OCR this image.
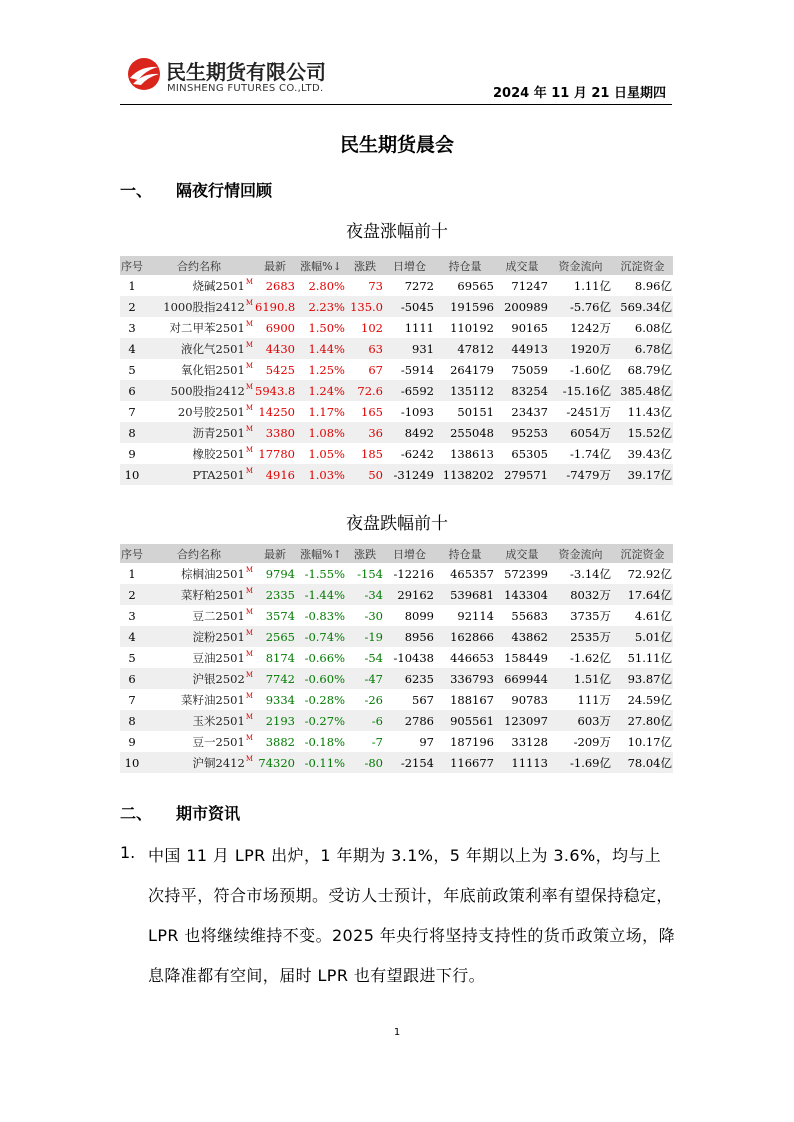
民生期货有限公司
MINSHENG FUTURES CO.,LTD.	2024 年 11 月 21 日星期四
民生期货晨会
一、 隔夜行情回顾
夜盘涨幅前十
序号	合约名称	最新	涨幅%↓	涨跌	日增仓	持仓量	成交量	资金流向	沉淀资金
1	烧碱$2501^M$	2683	2.80%	73	7272	69565	71247	1.11亿	8.96亿
2	1000股指$2412^M$	6190.8	2.23%	135.0	-5045	191596	200989	-5.76亿	569.34亿
3	对二甲苯$2501^M$	6900	1.50%	102	1111	110192	90165	1242万	6.08亿
4	液化气$2501^M$	4430	1.44%	63	931	47812	44913	1920万	6.78亿
5	氧化铝$2501^M$	5425	1.25%	67	-5914	264179	75059	-1.60亿	68.79亿
6	500股指$2412^M$	5943.8	1.24%	72.6	-6592	135112	83254	-15.16亿	385.48亿
7	20号胶$2501^M$	14250	1.17%	165	-1093	50151	23437	-2451万	11.43亿
8	沥青$2501^M$	3380	1.08%	36	8492	255048	95253	6054万	15.52亿
9	橡胶$2501^M$	17780	1.05%	185	-6242	138613	65305	-1.74亿	39.43亿
10	$PTA2501^M$	4916	1.03%	50	-31249	1138202	279571	-7479万	39.17亿
夜盘跌幅前十
序号	合约名称	最新	涨幅%↑	涨跌	日增仓	持仓量	成交量	资金流向	沉淀资金
1	棕榈油$2501^M$	9794	-1.55%	-154	-12216	465357	572399	-3.14亿	72.92亿
2	菜籽粕$2501^M$	2335	-1.44%	-34	29162	539681	143304	8032万	17.64亿
3	豆二$2501^M$	3574	-0.83%	-30	8099	92114	55683	3735万	4.61亿
4	淀粉$2501^M$	2565	-0.74%	-19	8956	162866	43862	2535万	5.01亿
5	豆油$2501^M$	8174	-0.66%	-54	-10438	446653	158449	-1.62亿	51.11亿
6	沪银$2502^M$	7742	-0.60%	-47	6235	336793	669944	1.51亿	93.87亿
7	菜籽油$2501^M$	9334	-0.28%	-26	567	188167	90783	111万	24.59亿
8	玉米$2501^M$	2193	-0.27%	-6	2786	905561	123097	603万	27.80亿
9	豆一$2501^M$	3882	-0.18%	-7	97	187196	33128	-209万	10.17亿
10	沪铜$2412^M$	74320	-0.11%	-80	-2154	116677	11113	-1.69亿	78.04亿
二、 期市资讯
1. 中国 11 月 LPR 出炉，1 年期为 3.1%，5 年期以上为 3.6%，均与上次持平，符合市场预期。受访人士预计，年底前政策利率有望保持稳定，LPR 也将继续维持不变。2025 年央行将坚持支持性的货币政策立场，降息降准都有空间，届时 LPR 也有望跟进下行。
1
